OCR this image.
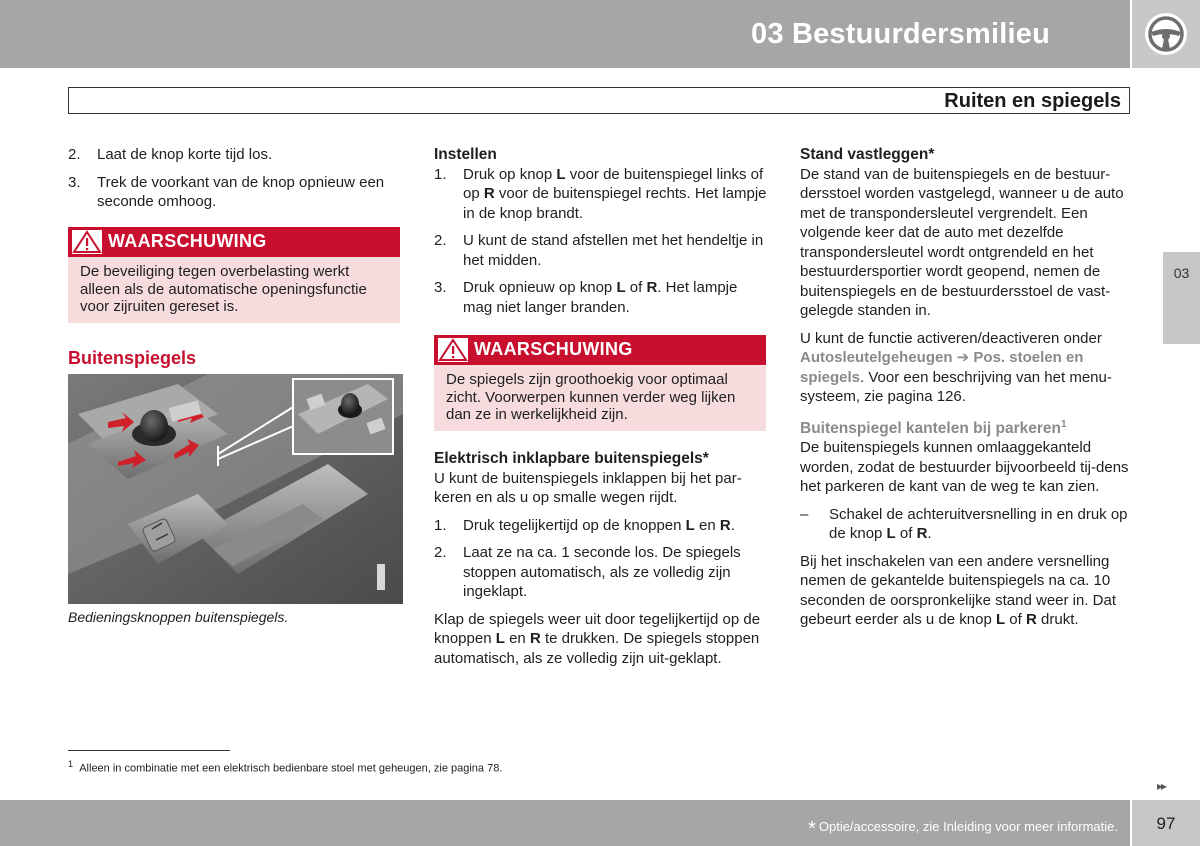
03 Bestuurdersmilieu
Ruiten en spiegels
03
2.	Laat de knop korte tijd los.
3.	Trek de voorkant van de knop opnieuw een seconde omhoog.
WAARSCHUWING
De beveiliging tegen overbelasting werkt alleen als de automatische openingsfunctie voor zijruiten gereset is.
Buitenspiegels
Bedieningsknoppen buitenspiegels.
Instellen
1.	Druk op knop L voor de buitenspiegel links of op R voor de buitenspiegel rechts. Het lampje in de knop brandt.
2.	U kunt de stand afstellen met het hendeltje in het midden.
3.	Druk opnieuw op knop L of R. Het lampje mag niet langer branden.
WAARSCHUWING
De spiegels zijn groothoekig voor optimaal zicht. Voorwerpen kunnen verder weg lijken dan ze in werkelijkheid zijn.
Elektrisch inklapbare buitenspiegels*

U kunt de buitenspiegels inklappen bij het par-keren en als u op smalle wegen rijdt.

1.	Druk tegelijkertijd op de knoppen L en R.
2.	Laat ze na ca. 1 seconde los. De spiegels stoppen automatisch, als ze volledig zijn ingeklapt.

Klap de spiegels weer uit door tegelijkertijd op de knoppen L en R te drukken. De spiegels stoppen automatisch, als ze volledig zijn uit-geklapt.

Stand vastleggen*

De stand van de buitenspiegels en de bestuur-dersstoel worden vastgelegd, wanneer u de auto met de transpondersleutel vergrendelt. Een volgende keer dat de auto met dezelfde transpondersleutel wordt ontgrendeld en het bestuurdersportier wordt geopend, nemen de buitenspiegels en de bestuurdersstoel de vast-gelegde standen in.

U kunt de functie activeren/deactiveren onder Autosleutelgeheugen ➔ Pos. stoelen en spiegels. Voor een beschrijving van het menu-systeem, zie pagina 126.

Buitenspiegel kantelen bij parkeren$^1$

De buitenspiegels kunnen omlaaggekanteld worden, zodat de bestuurder bijvoorbeeld tij-dens het parkeren de kant van de weg te kan zien.

–	Schakel de achteruitversnelling in en druk op de knop L of R.

Bij het inschakelen van een andere versnelling nemen de gekantelde buitenspiegels na ca. 10 seconden de oorspronkelijke stand weer in. Dat gebeurt eerder als u de knop L of R drukt.

$^1$ Alleen in combinatie met een elektrisch bedienbare stoel met geheugen, zie pagina 78.
▸▸
* Optie/accessoire, zie Inleiding voor meer informatie.	97
